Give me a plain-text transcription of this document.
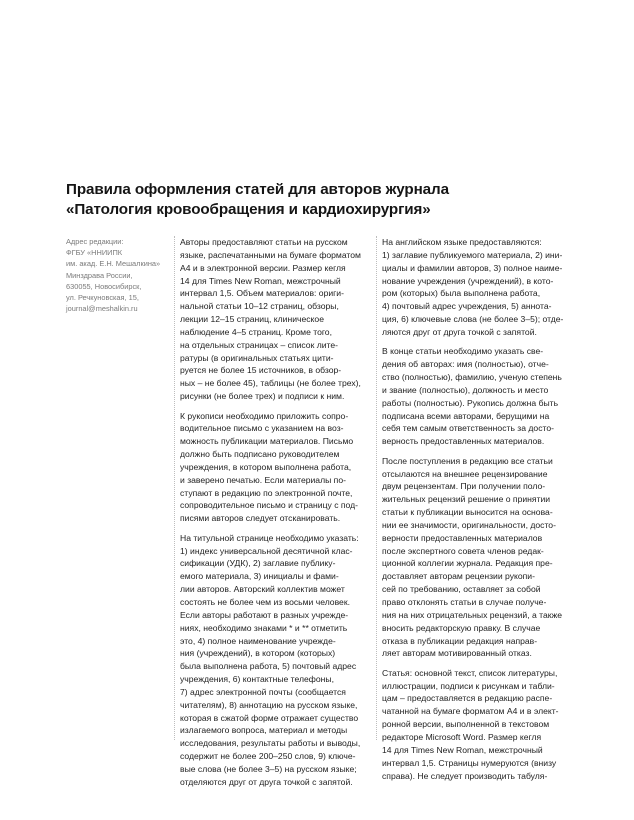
Правила оформления статей для авторов журнала
«Патология кровообращения и кардиохирургия»
Адрес редакции:
ФГБУ «ННИИПК
им. акад. Е.Н. Мешалкина»
Минздрава России,
630055, Новосибирск,
ул. Речкуновская, 15,
journal@meshalkin.ru

Авторы предоставляют статьи на русском
языке, распечатанными на бумаге форматом
А4 и в электронной версии. Размер кегля
14 для Times New Roman, межстрочный
интервал 1,5. Объем материалов: ориги-
нальной статьи 10–12 страниц, обзоры,
лекции 12–15 страниц, клиническое
наблюдение 4–5 страниц. Кроме того,
на отдельных страницах – список лите-
ратуры (в оригинальных статьях цити-
руется не более 15 источников, в обзор-
ных – не более 45), таблицы (не более трех),
рисунки (не более трех) и подписи к ним.

К рукописи необходимо приложить сопро-
водительное письмо с указанием на воз-
можность публикации материалов. Письмо
должно быть подписано руководителем
учреждения, в котором выполнена работа,
и заверено печатью. Если материалы по-
ступают в редакцию по электронной почте,
сопроводительное письмо и страницу с под-
писями авторов следует отсканировать.

На титульной странице необходимо указать:
1) индекс универсальной десятичной клас-
сификации (УДК), 2) заглавие публику-
емого материала, 3) инициалы и фами-
лии авторов. Авторский коллектив может
состоять не более чем из восьми человек.
Если авторы работают в разных учрежде-
ниях, необходимо знаками * и ** отметить
это, 4) полное наименование учрежде-
ния (учреждений), в котором (которых)
была выполнена работа, 5) почтовый адрес
учреждения, 6) контактные телефоны,
7) адрес электронной почты (сообщается
читателям), 8) аннотацию на русском языке,
которая в сжатой форме отражает существо
излагаемого вопроса, материал и методы
исследования, результаты работы и выводы,
содержит не более 200–250 слов, 9) ключе-
вые слова (не более 3–5) на русском языке;
отделяются друг от друга точкой с запятой.

На английском языке предоставляются:
1) заглавие публикуемого материала, 2) ини-
циалы и фамилии авторов, 3) полное наиме-
нование учреждения (учреждений), в кото-
ром (которых) была выполнена работа,
4) почтовый адрес учреждения, 5) аннота-
ция, 6) ключевые слова (не более 3–5); отде-
ляются друг от друга точкой с запятой.

В конце статьи необходимо указать све-
дения об авторах: имя (полностью), отче-
ство (полностью), фамилию, ученую степень
и звание (полностью), должность и место
работы (полностью). Рукопись должна быть
подписана всеми авторами, берущими на
себя тем самым ответственность за досто-
верность предоставленных материалов.

После поступления в редакцию все статьи
отсылаются на внешнее рецензирование
двум рецензентам. При получении поло-
жительных рецензий решение о принятии
статьи к публикации выносится на основа-
нии ее значимости, оригинальности, досто-
верности предоставленных материалов
после экспертного совета членов редак-
ционной коллегии журнала. Редакция пре-
доставляет авторам рецензии рукопи-
сей по требованию, оставляет за собой
право отклонять статьи в случае получе-
ния на них отрицательных рецензий, а также
вносить редакторскую правку. В случае
отказа в публикации редакция направ-
ляет авторам мотивированный отказ.

Статья: основной текст, список литературы,
иллюстрации, подписи к рисункам и табли-
цам – предоставляется в редакцию распе-
чатанной на бумаге форматом А4 и в элект-
ронной версии, выполненной в текстовом
редакторе Microsoft Word. Размер кегля
14 для Times New Roman, межстрочный
интервал 1,5. Страницы нумеруются (внизу
справа). Не следует производить табуля-
